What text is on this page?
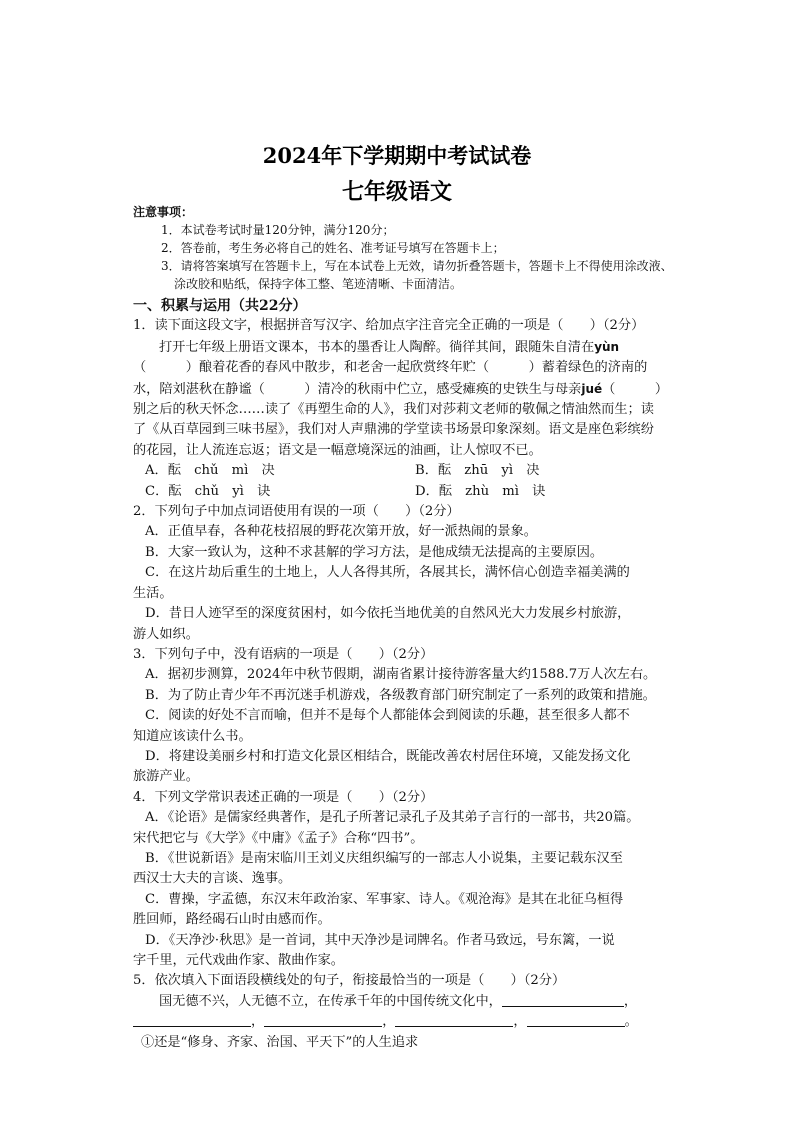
2024年下学期期中考试试卷
七年级语文
注意事项：
1．本试卷考试时量120分钟，满分120分；
2．答卷前，考生务必将自己的姓名、准考证号填写在答题卡上；
3．请将答案填写在答题卡上，写在本试卷上无效，请勿折叠答题卡，答题卡上不得使用涂改液、涂改胶和贴纸，保持字体工整、笔迹清晰、卡面清洁。
一、积累与运用（共22分）
1．读下面这段文字，根据拼音写汉字、给加点字注音完全正确的一项是（　　）（2分）
打开七年级上册语文课本，书本的墨香让人陶醉。徜徉其间，跟随朱自清在yùn（　　　）酿着花香的春风中散步，和老舍一起欣赏终年贮（　　　）蓄着绿色的济南的水，陪刘湛秋在静谧（　　　）清冷的秋雨中伫立，感受瘫痪的史铁生与母亲jué（　　　）别之后的秋天怀念……读了《再塑生命的人》，我们对莎莉文老师的敬佩之情油然而生；读了《从百草园到三味书屋》，我们对人声鼎沸的学堂读书场景印象深刻。语文是座色彩缤纷的花园，让人流连忘返；语文是一幅意境深远的油画，让人惊叹不已。
A．酝　chǔ　mì　决	B．酝　zhū　yì　决
C．酝　chǔ　yì　诀	D．酝　zhù　mì　诀
2．下列句子中加点词语使用有误的一项（　　）（2分）
A．正值早春，各种花枝招展的野花次第开放，好一派热闹的景象。
B．大家一致认为，这种不求甚解的学习方法，是他成绩无法提高的主要原因。
C．在这片劫后重生的土地上，人人各得其所，各展其长，满怀信心创造幸福美满的
生活。
D．昔日人迹罕至的深度贫困村，如今依托当地优美的自然风光大力发展乡村旅游，
游人如织。
3．下列句子中，没有语病的一项是（　　）（2分）
A．据初步测算，2024年中秋节假期，湖南省累计接待游客量大约1588.7万人次左右。
B．为了防止青少年不再沉迷手机游戏，各级教育部门研究制定了一系列的政策和措施。
C．阅读的好处不言而喻，但并不是每个人都能体会到阅读的乐趣，甚至很多人都不
知道应该读什么书。
D．将建设美丽乡村和打造文化景区相结合，既能改善农村居住环境，又能发扬文化
旅游产业。
4．下列文学常识表述正确的一项是（　　）（2分）
A．《论语》是儒家经典著作，是孔子所著记录孔子及其弟子言行的一部书，共20篇。
宋代把它与《大学》《中庸》《孟子》合称“四书”。
B．《世说新语》是南宋临川王刘义庆组织编写的一部志人小说集，主要记载东汉至
西汉士大夫的言谈、逸事。
C．曹操，字孟德，东汉末年政治家、军事家、诗人。《观沧海》是其在北征乌桓得
胜回师，路经碣石山时由感而作。
D．《天净沙·秋思》是一首词，其中天净沙是词牌名。作者马致远，号东篱，一说
字千里，元代戏曲作家、散曲作家。
5．依次填入下面语段横线处的句子，衔接最恰当的一项是（　　）（2分）
国无德不兴，人无德不立，在传承千年的中国传统文化中，	，
，	，	，	。
①还是“修身、齐家、治国、平天下”的人生追求
